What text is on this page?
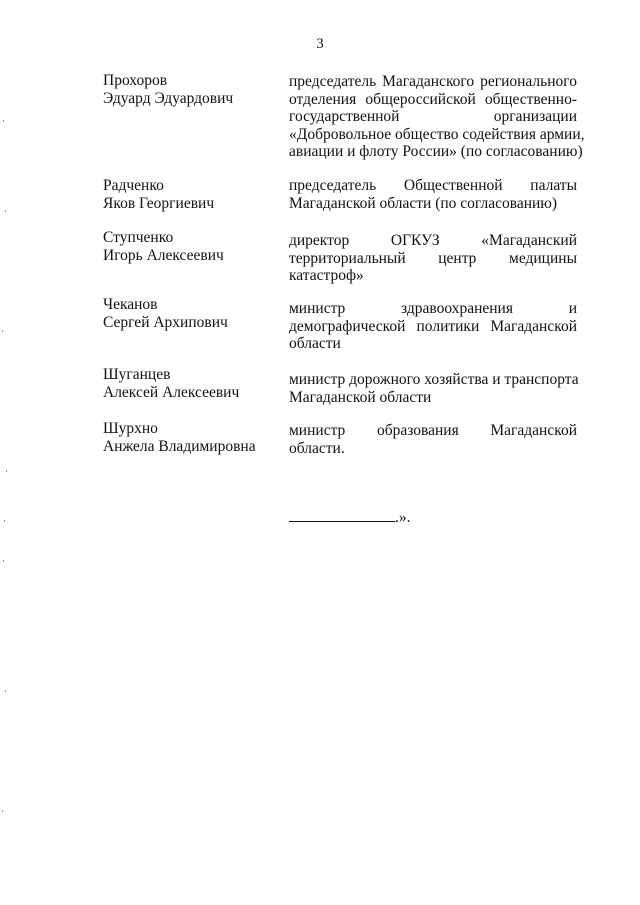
3
Прохоров
Эдуард Эдуардович
председатель Магаданского регионального
отделения общероссийской общественно-
государственной организации
«Добровольное общество содействия армии,
авиации и флоту России» (по согласованию)
Радченко
Яков Георгиевич
председатель Общественной палаты
Магаданской области (по согласованию)
Ступченко
Игорь Алексеевич
директор ОГКУЗ «Магаданский
территориальный центр медицины
катастроф»
Чеканов
Сергей Архипович
министр здравоохранения и
демографической политики Магаданской
области
Шуганцев
Алексей Алексеевич
министр дорожного хозяйства и транспорта
Магаданской области
Шурхно
Анжела Владимировна
министр образования Магаданской
области.
.».
